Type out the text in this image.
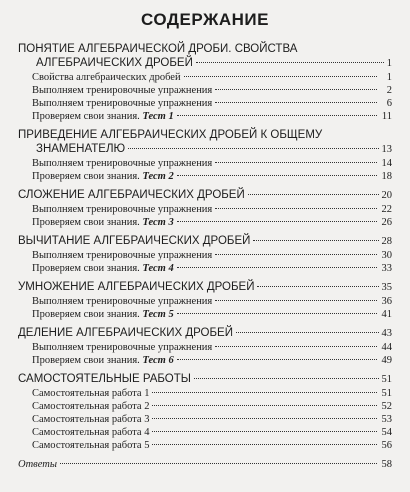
СОДЕРЖАНИЕ
ПОНЯТИЕ АЛГЕБРАИЧЕСКОЙ ДРОБИ. СВОЙСТВА
АЛГЕБРАИЧЕСКИХ ДРОБЕЙ	1
Свойства алгебраических дробей	1
Выполняем тренировочные упражнения	2
Выполняем тренировочные упражнения	6
Проверяем свои знания. Тест 1	11
ПРИВЕДЕНИЕ АЛГЕБРАИЧЕСКИХ ДРОБЕЙ К ОБЩЕМУ
ЗНАМЕНАТЕЛЮ	13
Выполняем тренировочные упражнения	14
Проверяем свои знания. Тест 2	18
СЛОЖЕНИЕ АЛГЕБРАИЧЕСКИХ ДРОБЕЙ	20
Выполняем тренировочные упражнения	22
Проверяем свои знания. Тест 3	26
ВЫЧИТАНИЕ АЛГЕБРАИЧЕСКИХ ДРОБЕЙ	28
Выполняем тренировочные упражнения	30
Проверяем свои знания. Тест 4	33
УМНОЖЕНИЕ АЛГЕБРАИЧЕСКИХ ДРОБЕЙ	35
Выполняем тренировочные упражнения	36
Проверяем свои знания. Тест 5	41
ДЕЛЕНИЕ АЛГЕБРАИЧЕСКИХ ДРОБЕЙ	43
Выполняем тренировочные упражнения	44
Проверяем свои знания. Тест 6	49
САМОСТОЯТЕЛЬНЫЕ РАБОТЫ	51
Самостоятельная работа 1	51
Самостоятельная работа 2	52
Самостоятельная работа 3	53
Самостоятельная работа 4	54
Самостоятельная работа 5	56
Ответы	58
